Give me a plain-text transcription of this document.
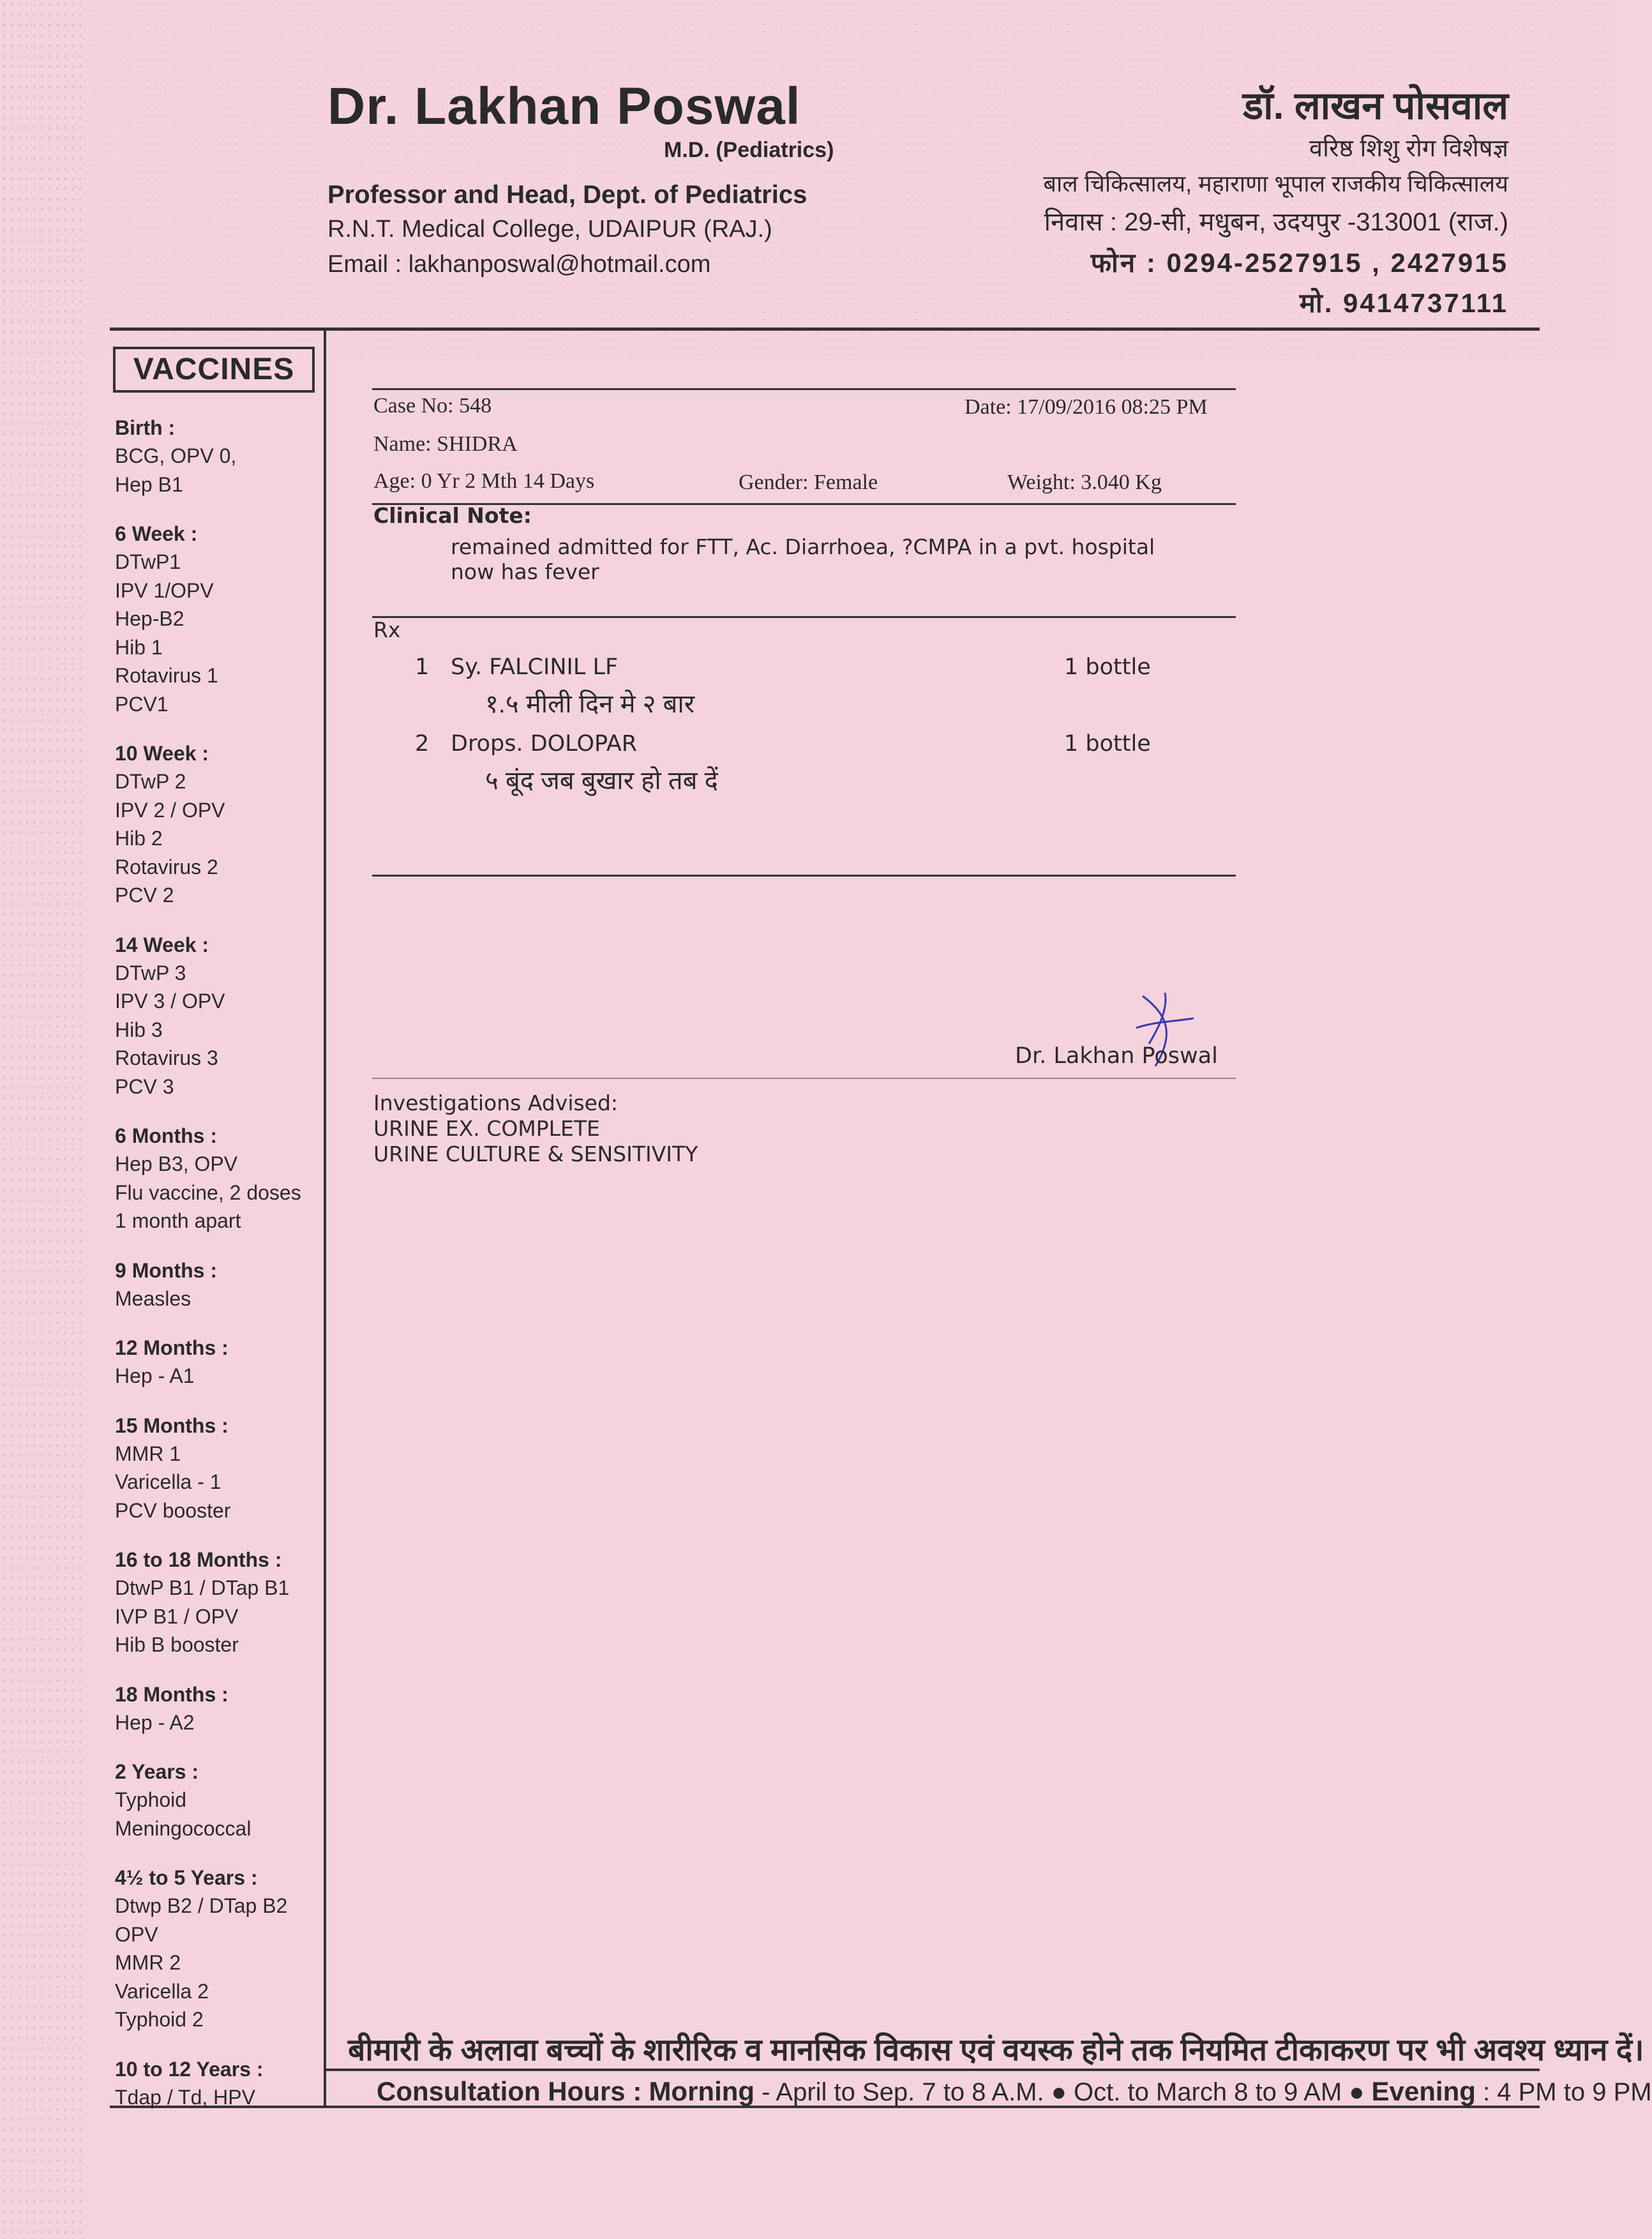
Dr. Lakhan Poswal
M.D. (Pediatrics)
Professor and Head, Dept. of Pediatrics
R.N.T. Medical College, UDAIPUR (RAJ.)
Email : lakhanposwal@hotmail.com
डॉ. लाखन पोसवाल
वरिष्ठ शिशु रोग विशेषज्ञ
बाल चिकित्सालय, महाराणा भूपाल राजकीय चिकित्सालय
निवास : 29-सी, मधुबन, उदयपुर -313001 (राज.)
फोन : 0294-2527915 , 2427915
मो. 9414737111
VACCINES
Birth :
BCG, OPV 0,
Hep B1
6 Week :
DTwP1
IPV 1/OPV
Hep-B2
Hib 1
Rotavirus 1
PCV1
10 Week :
DTwP 2
IPV 2 / OPV
Hib 2
Rotavirus 2
PCV 2
14 Week :
DTwP 3
IPV 3 / OPV
Hib 3
Rotavirus 3
PCV 3
6 Months :
Hep B3, OPV
Flu vaccine, 2 doses
1 month apart
9 Months :
Measles
12 Months :
Hep - A1
15 Months :
MMR 1
Varicella - 1
PCV booster
16 to 18 Months :
DtwP B1 / DTap B1
IVP B1 / OPV
Hib B booster
18 Months :
Hep - A2
2 Years :
Typhoid
Meningococcal
4½ to 5 Years :
Dtwp B2 / DTap B2
OPV
MMR 2
Varicella 2
Typhoid 2
10 to 12 Years :
Tdap / Td, HPV
Case No: 548	Date: 17/09/2016 08:25 PM
Name: SHIDRA
Age: 0 Yr 2 Mth 14 Days	Gender: Female	Weight: 3.040 Kg
Clinical Note:
remained admitted for FTT, Ac. Diarrhoea, ?CMPA in a pvt. hospital
now has fever
Rx
1 Sy. FALCINIL LF	1 bottle
१.५ मीली दिन मे २ बार
2 Drops. DOLOPAR	1 bottle
५ बूंद जब बुखार हो तब दें
Dr. Lakhan Poswal
Investigations Advised:
URINE EX. COMPLETE
URINE CULTURE & SENSITIVITY
बीमारी के अलावा बच्चों के शारीरिक व मानसिक विकास एवं वयस्क होने तक नियमित टीकाकरण पर भी अवश्य ध्यान दें।
Consultation Hours : Morning - April to Sep. 7 to 8 A.M. ● Oct. to March 8 to 9 AM ● Evening : 4 PM to 9 PM
